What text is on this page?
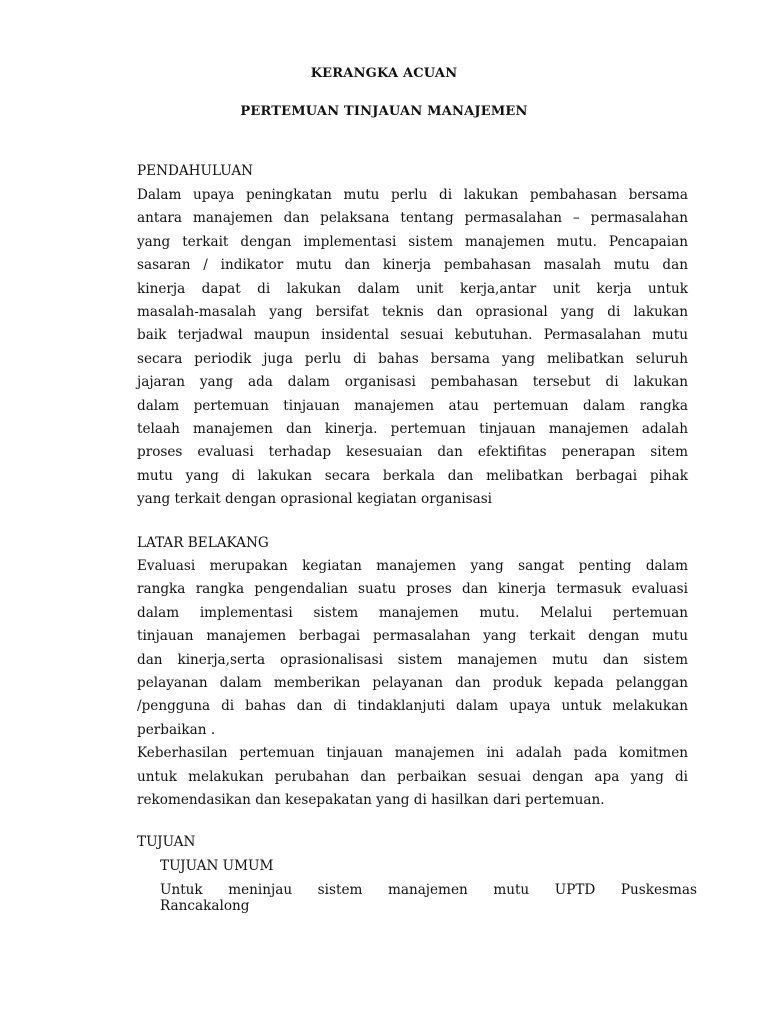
KERANGKA ACUAN
PERTEMUAN TINJAUAN MANAJEMEN

PENDAHULUAN

Dalam upaya peningkatan mutu perlu di lakukan pembahasan bersama
antara manajemen dan pelaksana tentang permasalahan – permasalahan
yang terkait dengan implementasi sistem manajemen mutu. Pencapaian
sasaran / indikator mutu dan kinerja pembahasan masalah mutu dan
kinerja dapat di lakukan dalam unit kerja,antar unit kerja untuk
masalah-masalah yang bersifat teknis dan oprasional yang di lakukan
baik terjadwal maupun insidental sesuai kebutuhan. Permasalahan mutu
secara periodik juga perlu di bahas bersama yang melibatkan seluruh
jajaran yang ada dalam organisasi pembahasan tersebut di lakukan
dalam pertemuan tinjauan manajemen atau pertemuan dalam rangka
telaah manajemen dan kinerja. pertemuan tinjauan manajemen adalah
proses evaluasi terhadap kesesuaian dan efektifitas penerapan sitem
mutu yang di lakukan secara berkala dan melibatkan berbagai pihak
yang terkait dengan oprasional kegiatan organisasi

LATAR BELAKANG

Evaluasi merupakan kegiatan manajemen yang sangat penting dalam
rangka rangka pengendalian suatu proses dan kinerja termasuk evaluasi
dalam implementasi sistem manajemen mutu. Melalui pertemuan
tinjauan manajemen berbagai permasalahan yang terkait dengan mutu
dan kinerja,serta oprasionalisasi sistem manajemen mutu dan sistem
pelayanan dalam memberikan pelayanan dan produk kepada pelanggan
/pengguna di bahas dan di tindaklanjuti dalam upaya untuk melakukan
perbaikan .
Keberhasilan pertemuan tinjauan manajemen ini adalah pada komitmen
untuk melakukan perubahan dan perbaikan sesuai dengan apa yang di
rekomendasikan dan kesepakatan yang di hasilkan dari pertemuan.

TUJUAN

TUJUAN UMUM

Untuk meninjau sistem manajemen mutu UPTD Puskesmas
Rancakalong
